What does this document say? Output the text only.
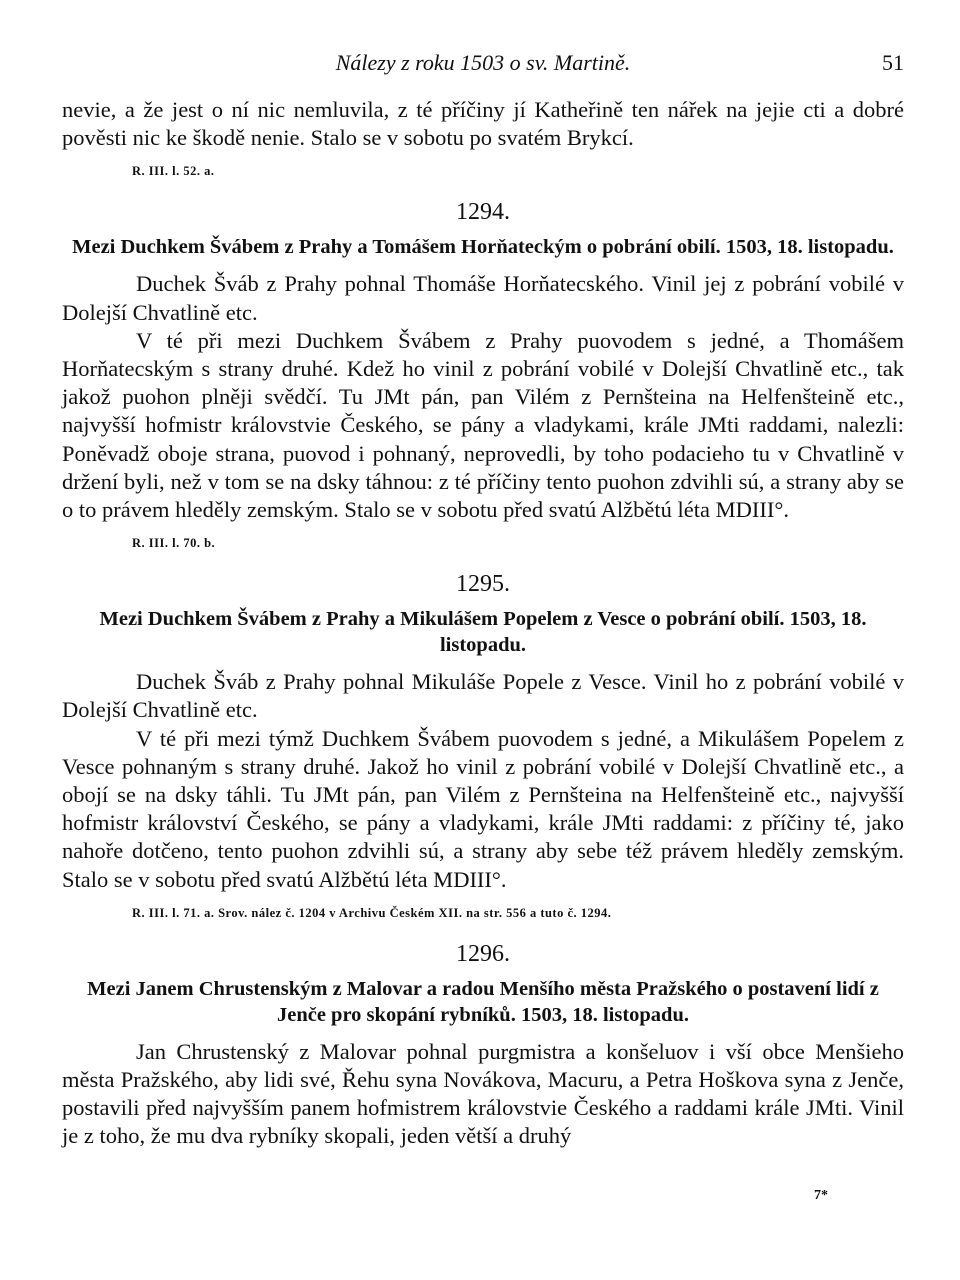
Nálezy z roku 1503 o sv. Martině.	51

nevie, a že jest o ní nic nemluvila, z té příčiny jí Katheřině ten nářek na jejie cti a dobré pověsti nic ke škodě nenie. Stalo se v sobotu po svatém Brykcí.

R. III. l. 52. a.
1294.
Mezi Duchkem Švábem z Prahy a Tomášem Horňateckým o pobrání obilí. 1503, 18. listopadu.

Duchek Šváb z Prahy pohnal Thomáše Horňatecského. Vinil jej z pobrání vobilé v Dolejší Chvatlině etc.

V té při mezi Duchkem Švábem z Prahy puovodem s jedné, a Thomášem Horňatecským s strany druhé. Kdež ho vinil z pobrání vobilé v Dolejší Chvatlině etc., tak jakož puohon plněji svědčí. Tu JMt pán, pan Vilém z Pernšteina na Helfenšteině etc., najvyšší hofmistr královstvie Českého, se pány a vladykami, krále JMti raddami, nalezli: Poněvadž oboje strana, puovod i pohnaný, neprovedli, by toho podacieho tu v Chvatlině v držení byli, než v tom se na dsky táhnou: z té příčiny tento puohon zdvihli sú, a strany aby se o to právem hleděly zemským. Stalo se v sobotu před svatú Alžbětú léta MDIII°.

R. III. l. 70. b.
1295.
Mezi Duchkem Švábem z Prahy a Mikulášem Popelem z Vesce o pobrání obilí. 1503, 18. listopadu.

Duchek Šváb z Prahy pohnal Mikuláše Popele z Vesce. Vinil ho z pobrání vobilé v Dolejší Chvatlině etc.

V té při mezi týmž Duchkem Švábem puovodem s jedné, a Mikulášem Popelem z Vesce pohnaným s strany druhé. Jakož ho vinil z pobrání vobilé v Dolejší Chvatlině etc., a obojí se na dsky táhli. Tu JMt pán, pan Vilém z Pernšteina na Helfenšteině etc., najvyšší hofmistr království Českého, se pány a vladykami, krále JMti raddami: z příčiny té, jako nahoře dotčeno, tento puohon zdvihli sú, a strany aby sebe též právem hleděly zemským. Stalo se v sobotu před svatú Alžbětú léta MDIII°.

R. III. l. 71. a. Srov. nález č. 1204 v Archivu Českém XII. na str. 556 a tuto č. 1294.
1296.
Mezi Janem Chrustenským z Malovar a radou Menšího města Pražského o postavení lidí z Jenče pro skopání rybníků. 1503, 18. listopadu.

Jan Chrustenský z Malovar pohnal purgmistra a konšeluov i vší obce Menšieho města Pražského, aby lidi své, Řehu syna Novákova, Macuru, a Petra Hoškova syna z Jenče, postavili před najvyšším panem hofmistrem královstvie Českého a raddami krále JMti. Vinil je z toho, že mu dva rybníky skopali, jeden větší a druhý

7*
